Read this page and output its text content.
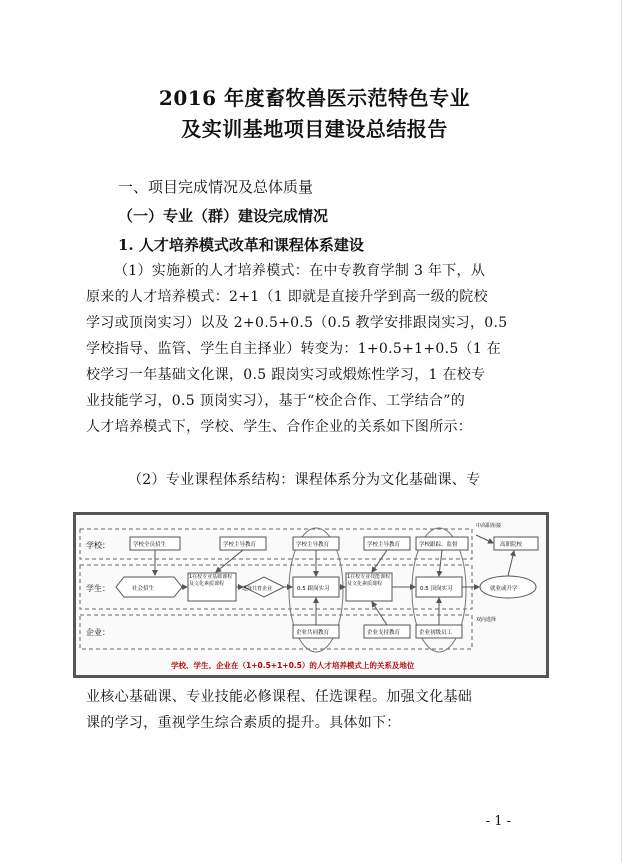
2016 年度畜牧兽医示范特色专业
及实训基地项目建设总结报告
一、项目完成情况及总体质量
（一）专业（群）建设完成情况
1. 人才培养模式改革和课程体系建设
（1）实施新的人才培养模式：在中专教育学制 3 年下，从
原来的人才培养模式：2+1（1 即就是直接升学到高一级的院校
学习或顶岗实习）以及 2+0.5+0.5（0.5 教学安排跟岗实习，0.5
学校指导、监管、学生自主择业）转变为：1+0.5+1+0.5（1 在
校学习一年基础文化课，0.5 跟岗实习或煅炼性学习，1 在校专
业技能学习，0.5 顶岗实习），基于“校企合作、工学结合”的
人才培养模式下，学校、学生、合作企业的关系如下图所示：
（2）专业课程体系结构：课程体系分为文化基础课、专
学校：
学生：
企业：
学校全员招生	学校主导教育	学校主导教育	学校主导教育	学校跟踪、监督	高职院校
中高职衔接
社会招生
1在校专业基础课程及文化素质课程
选择共育企业	0.5 跟岗实习
1在校专业技能课程及文化素质课程
0.5 顶岗实习	就业或升学
双向选择
企业共同教育	企业支持教育	企业初级员工
学校、学生、企业在（1+0.5+1+0.5）的人才培养模式上的关系及地位
业核心基础课、专业技能必修课程、任选课程。加强文化基础
课的学习，重视学生综合素质的提升。具体如下：
- 1 -
